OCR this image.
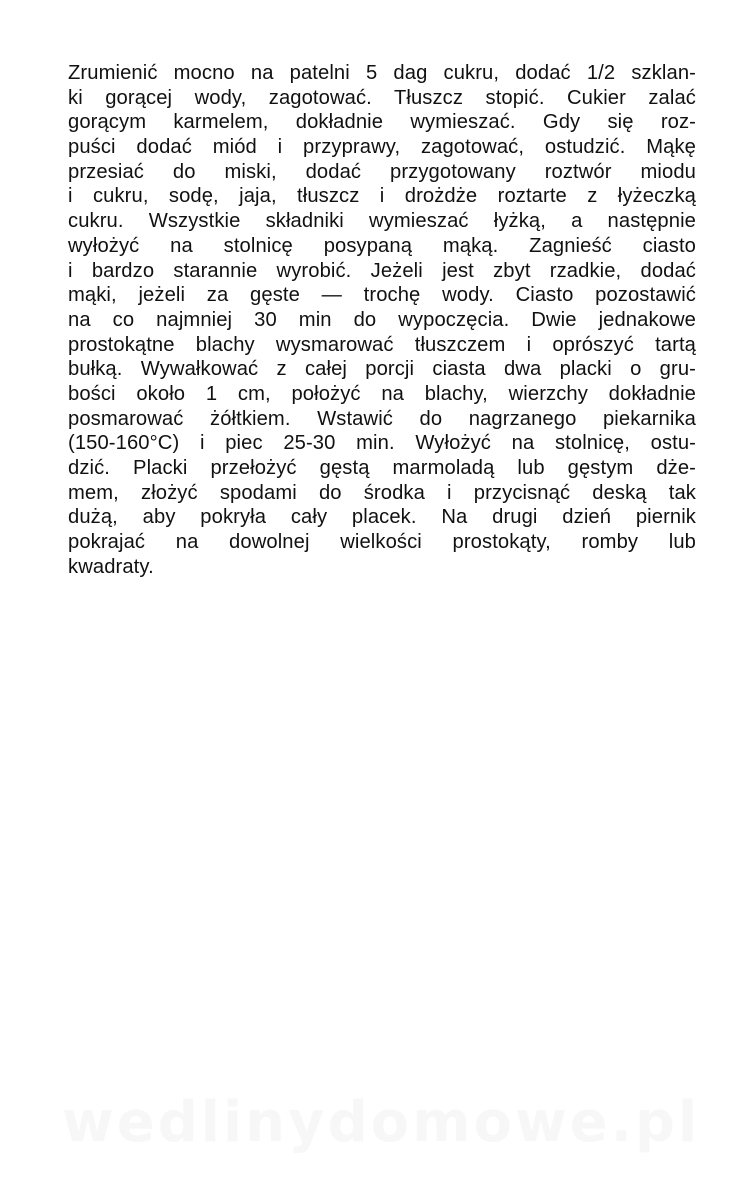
Zrumienić mocno na patelni 5 dag cukru, dodać 1/2 szklan-
ki gorącej wody, zagotować. Tłuszcz stopić. Cukier zalać
gorącym karmelem, dokładnie wymieszać. Gdy się roz-
puści dodać miód i przyprawy, zagotować, ostudzić. Mąkę
przesiać do miski, dodać przygotowany roztwór miodu
i cukru, sodę, jaja, tłuszcz i drożdże roztarte z łyżeczką
cukru. Wszystkie składniki wymieszać łyżką, a następnie
wyłożyć na stolnicę posypaną mąką. Zagnieść ciasto
i bardzo starannie wyrobić. Jeżeli jest zbyt rzadkie, dodać
mąki, jeżeli za gęste — trochę wody. Ciasto pozostawić
na co najmniej 30 min do wypoczęcia. Dwie jednakowe
prostokątne blachy wysmarować tłuszczem i oprószyć tartą
bułką. Wywałkować z całej porcji ciasta dwa placki o gru-
bości około 1 cm, położyć na blachy, wierzchy dokładnie
posmarować żółtkiem. Wstawić do nagrzanego piekarnika
(150-160°C) i piec 25-30 min. Wyłożyć na stolnicę, ostu-
dzić. Placki przełożyć gęstą marmoladą lub gęstym dże-
mem, złożyć spodami do środka i przycisnąć deską tak
dużą, aby pokryła cały placek. Na drugi dzień piernik
pokrajać na dowolnej wielkości prostokąty, romby lub
kwadraty.
wedlinydomowe.pl
